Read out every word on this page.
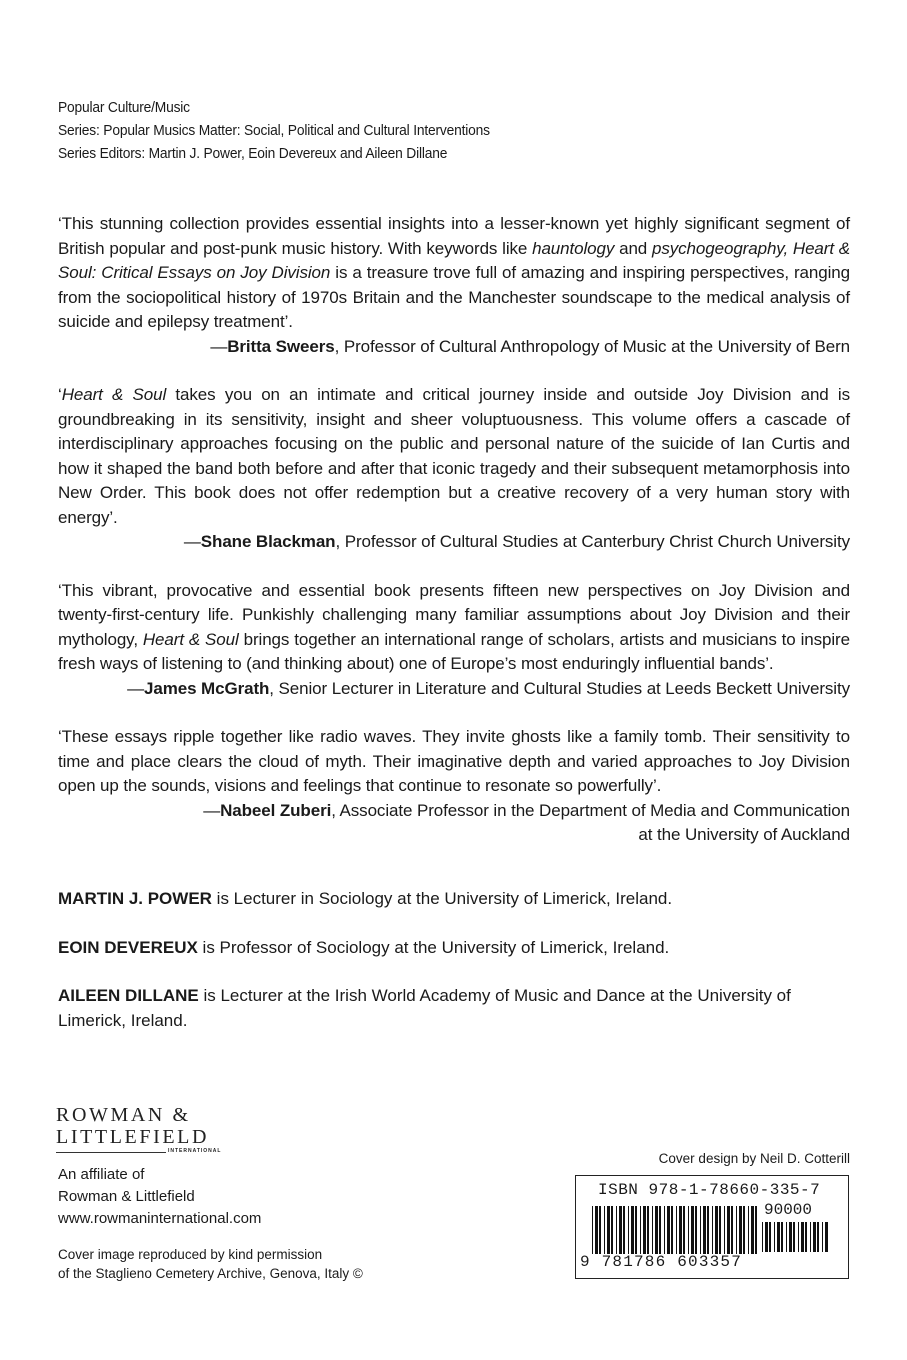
Popular Culture/Music
Series: Popular Musics Matter: Social, Political and Cultural Interventions
Series Editors: Martin J. Power, Eoin Devereux and Aileen Dillane
‘This stunning collection provides essential insights into a lesser-known yet highly significant segment of British popular and post-punk music history. With keywords like hauntology and psychogeography, Heart & Soul: Critical Essays on Joy Division is a treasure trove full of amazing and inspiring perspectives, ranging from the sociopolitical history of 1970s Britain and the Manchester soundscape to the medical analysis of suicide and epilepsy treatment’.
—Britta Sweers, Professor of Cultural Anthropology of Music at the University of Bern
‘Heart & Soul takes you on an intimate and critical journey inside and outside Joy Division and is groundbreaking in its sensitivity, insight and sheer voluptuousness. This volume offers a cascade of interdisciplinary approaches focusing on the public and personal nature of the suicide of Ian Curtis and how it shaped the band both before and after that iconic tragedy and their subsequent metamorphosis into New Order. This book does not offer redemption but a creative recovery of a very human story with energy’.
—Shane Blackman, Professor of Cultural Studies at Canterbury Christ Church University
‘This vibrant, provocative and essential book presents fifteen new perspectives on Joy Division and twenty-first-century life. Punkishly challenging many familiar assumptions about Joy Division and their mythology, Heart & Soul brings together an international range of scholars, artists and musicians to inspire fresh ways of listening to (and thinking about) one of Europe’s most enduringly influential bands’.
—James McGrath, Senior Lecturer in Literature and Cultural Studies at Leeds Beckett University
‘These essays ripple together like radio waves. They invite ghosts like a family tomb. Their sensitivity to time and place clears the cloud of myth. Their imaginative depth and varied approaches to Joy Division open up the sounds, visions and feelings that continue to resonate so powerfully’.
—Nabeel Zuberi, Associate Professor in the Department of Media and Communication
at the University of Auckland
MARTIN J. POWER is Lecturer in Sociology at the University of Limerick, Ireland.
EOIN DEVEREUX is Professor of Sociology at the University of Limerick, Ireland.
AILEEN DILLANE is Lecturer at the Irish World Academy of Music and Dance at the University of Limerick, Ireland.
ROWMAN &
LITTLEFIELD
INTERNATIONAL
An affiliate of
Rowman & Littlefield
www.rowmaninternational.com
Cover image reproduced by kind permission
of the Staglieno Cemetery Archive, Genova, Italy ©
Cover design by Neil D. Cotterill
ISBN 978-1-78660-335-7
90000
9 781786 603357
